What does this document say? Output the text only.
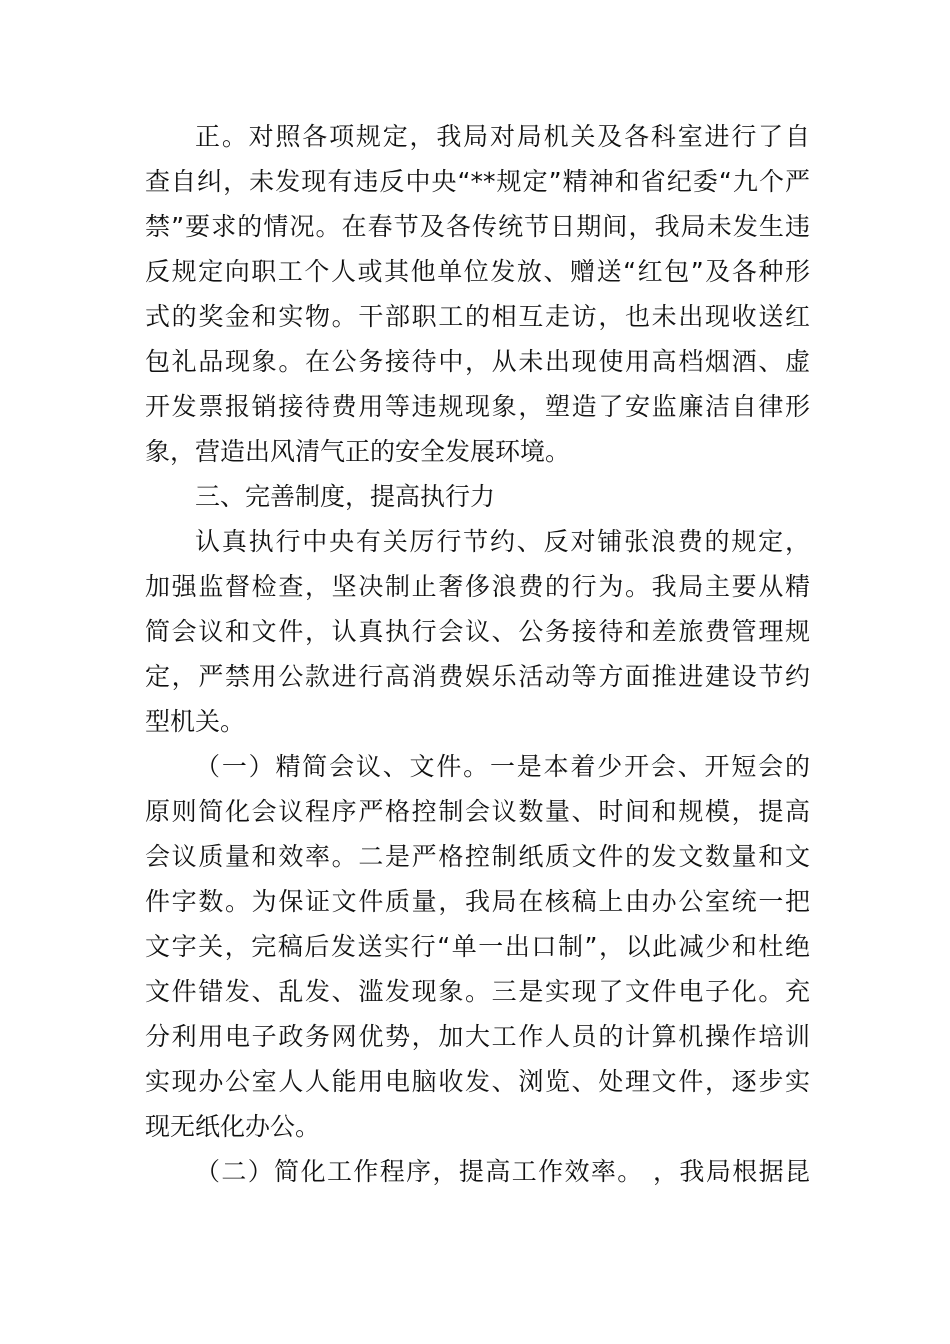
正。对照各项规定，我局对局机关及各科室进行了自
查自纠，未发现有违反中央“**规定”精神和省纪委“九个严
禁”要求的情况。在春节及各传统节日期间，我局未发生违
反规定向职工个人或其他单位发放、赠送“红包”及各种形
式的奖金和实物。干部职工的相互走访，也未出现收送红
包礼品现象。在公务接待中，从未出现使用高档烟酒、虚
开发票报销接待费用等违规现象，塑造了安监廉洁自律形
象，营造出风清气正的安全发展环境。
三、完善制度，提高执行力
认真执行中央有关厉行节约、反对铺张浪费的规定，
加强监督检查，坚决制止奢侈浪费的行为。我局主要从精
简会议和文件，认真执行会议、公务接待和差旅费管理规
定，严禁用公款进行高消费娱乐活动等方面推进建设节约
型机关。
（一）精简会议、文件。一是本着少开会、开短会的
原则简化会议程序严格控制会议数量、时间和规模，提高
会议质量和效率。二是严格控制纸质文件的发文数量和文
件字数。为保证文件质量，我局在核稿上由办公室统一把
文字关，完稿后发送实行“单一出口制”，以此减少和杜绝
文件错发、乱发、滥发现象。三是实现了文件电子化。充
分利用电子政务网优势，加大工作人员的计算机操作培训
实现办公室人人能用电脑收发、浏览、处理文件，逐步实
现无纸化办公。
（二）简化工作程序，提高工作效率。 ，我局根据昆
